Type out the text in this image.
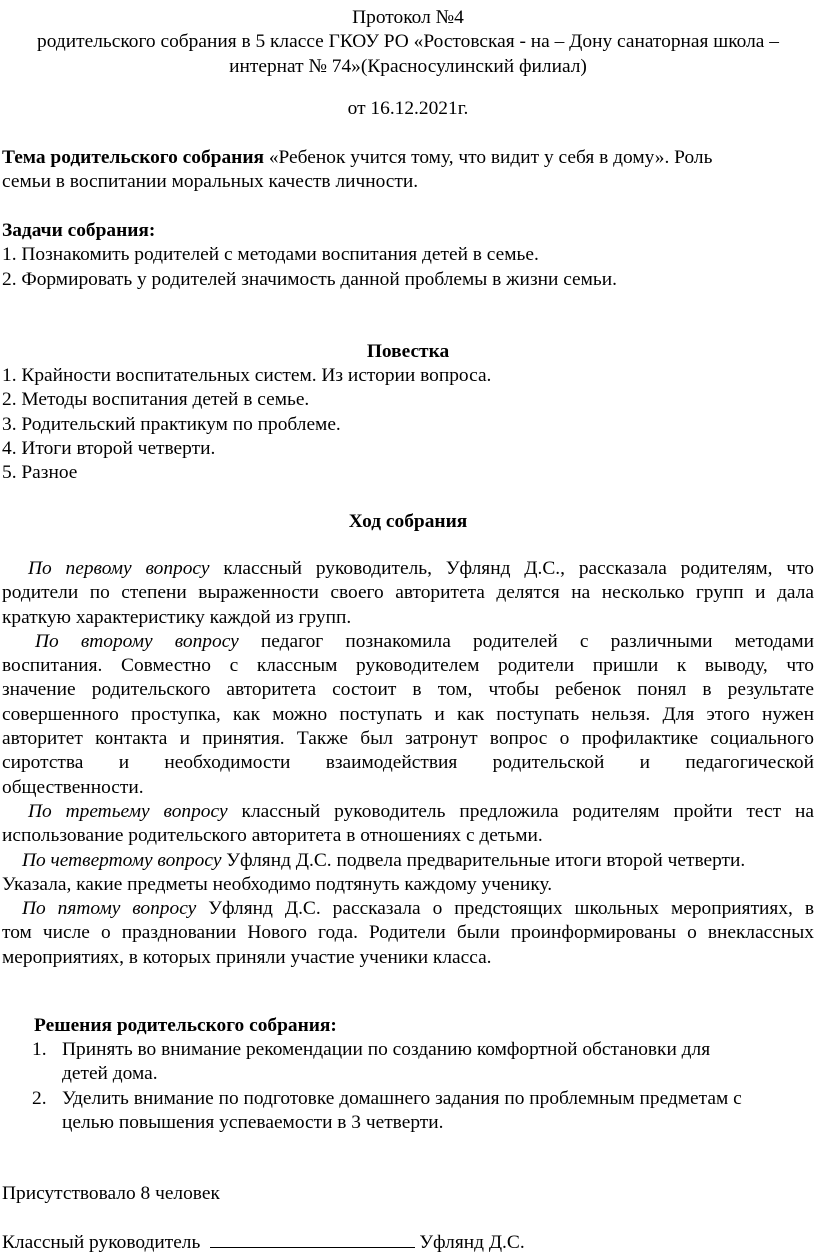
Протокол №4
родительского собрания в 5 классе ГКОУ РО «Ростовская - на – Дону санаторная школа –
интернат № 74»(Красносулинский филиал)
от 16.12.2021г.
Тема родительского собрания «Ребенок учится тому, что видит у себя в дому». Роль
семьи в воспитании моральных качеств личности.
Задачи собрания:
1. Познакомить родителей с методами воспитания детей в семье.
2. Формировать у родителей значимость данной проблемы в жизни семьи.
Повестка
1. Крайности воспитательных систем. Из истории вопроса.
2. Методы воспитания детей в семье.
3. Родительский практикум по проблеме.
4. Итоги второй четверти.
5. Разное
Ход собрания
По первому вопросу классный руководитель, Уфлянд Д.С., рассказала родителям, что
родители по степени выраженности своего авторитета делятся на несколько групп и дала
краткую характеристику каждой из групп.
По второму вопросу педагог познакомила родителей с различными методами
воспитания. Совместно с классным руководителем родители пришли к выводу, что
значение родительского авторитета состоит в том, чтобы ребенок понял в результате
совершенного проступка, как можно поступать и как поступать нельзя. Для этого нужен
авторитет контакта и принятия. Также был затронут вопрос о профилактике социального
сиротства и необходимости взаимодействия родительской и педагогической
общественности.
По третьему вопросу классный руководитель предложила родителям пройти тест на
использование родительского авторитета в отношениях с детьми.
По четвертому вопросу Уфлянд Д.С. подвела предварительные итоги второй четверти.
Указала, какие предметы необходимо подтянуть каждому ученику.
По пятому вопросу Уфлянд Д.С. рассказала о предстоящих школьных мероприятиях, в
том числе о праздновании Нового года. Родители были проинформированы о внеклассных
мероприятиях, в которых приняли участие ученики класса.
Решения родительского собрания:
1. Принять во внимание рекомендации по созданию комфортной обстановки для
детей дома.
2. Уделить внимание по подготовке домашнего задания по проблемным предметам с
целью повышения успеваемости в 3 четверти.
Присутствовало 8 человек
Классный руководитель	Уфлянд Д.С.
